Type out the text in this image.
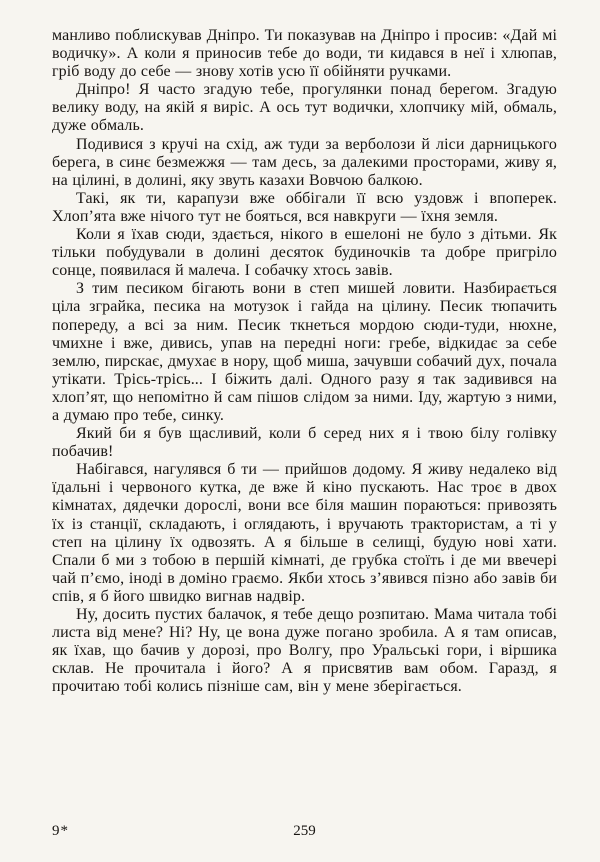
манливо поблискував Дніпро. Ти показував на Дніпро і просив: «Дай мі водичку». А коли я приносив тебе до води, ти кидався в неї і хлюпав, гріб воду до себе — знову хотів усю її обійняти ручками.

Дніпро! Я часто згадую тебе, прогулянки понад берегом. Згадую велику воду, на якій я виріс. А ось тут водички, хлопчику мій, обмаль, дуже обмаль.

Подивися з кручі на схід, аж туди за верболози й ліси дарницького берега, в синє безмежжя — там десь, за далекими просторами, живу я, на цілині, в долині, яку звуть казахи Вовчою балкою.

Такі, як ти, карапузи вже оббігали її всю уздовж і впоперек. Хлоп’ята вже нічого тут не бояться, вся навкруги — їхня земля.

Коли я їхав сюди, здається, нікого в ешелоні не було з дітьми. Як тільки побудували в долині десяток будиночків та добре пригріло сонце, появилася й малеча. І собачку хтось завів.

З тим песиком бігають вони в степ мишей ловити. Назбирається ціла зграйка, песика на мотузок і гайда на цілину. Песик тюпачить попереду, а всі за ним. Песик ткнеться мордою сюди-туди, нюхне, чмихне і вже, дивись, упав на передні ноги: гребе, відкидає за себе землю, пирскає, дмухає в нору, щоб миша, зачувши собачий дух, почала утікати. Трісь-трісь... І біжить далі. Одного разу я так задивився на хлоп’ят, що непомітно й сам пішов слідом за ними. Іду, жартую з ними, а думаю про тебе, синку.

Який би я був щасливий, коли б серед них я і твою білу голівку побачив!

Набігався, нагулявся б ти — прийшов додому. Я живу недалеко від їдальні і червоного кутка, де вже й кіно пускають. Нас троє в двох кімнатах, дядечки дорослі, вони все біля машин пораються: привозять їх із станції, складають, і оглядають, і вручають трактористам, а ті у степ на цілину їх одвозять. А я більше в селищі, будую нові хати. Спали б ми з тобою в першій кімнаті, де грубка стоїть і де ми ввечері чай п’ємо, іноді в доміно граємо. Якби хтось з’явився пізно або завів би спів, я б його швидко вигнав надвір.

Ну, досить пустих балачок, я тебе дещо розпитаю. Мама читала тобі листа від мене? Ні? Ну, це вона дуже погано зробила. А я там описав, як їхав, що бачив у дорозі, про Волгу, про Уральські гори, і віршика склав. Не прочитала і його? А я присвятив вам обом. Гаразд, я прочитаю тобі колись пізніше сам, він у мене зберігається.

9*	259
